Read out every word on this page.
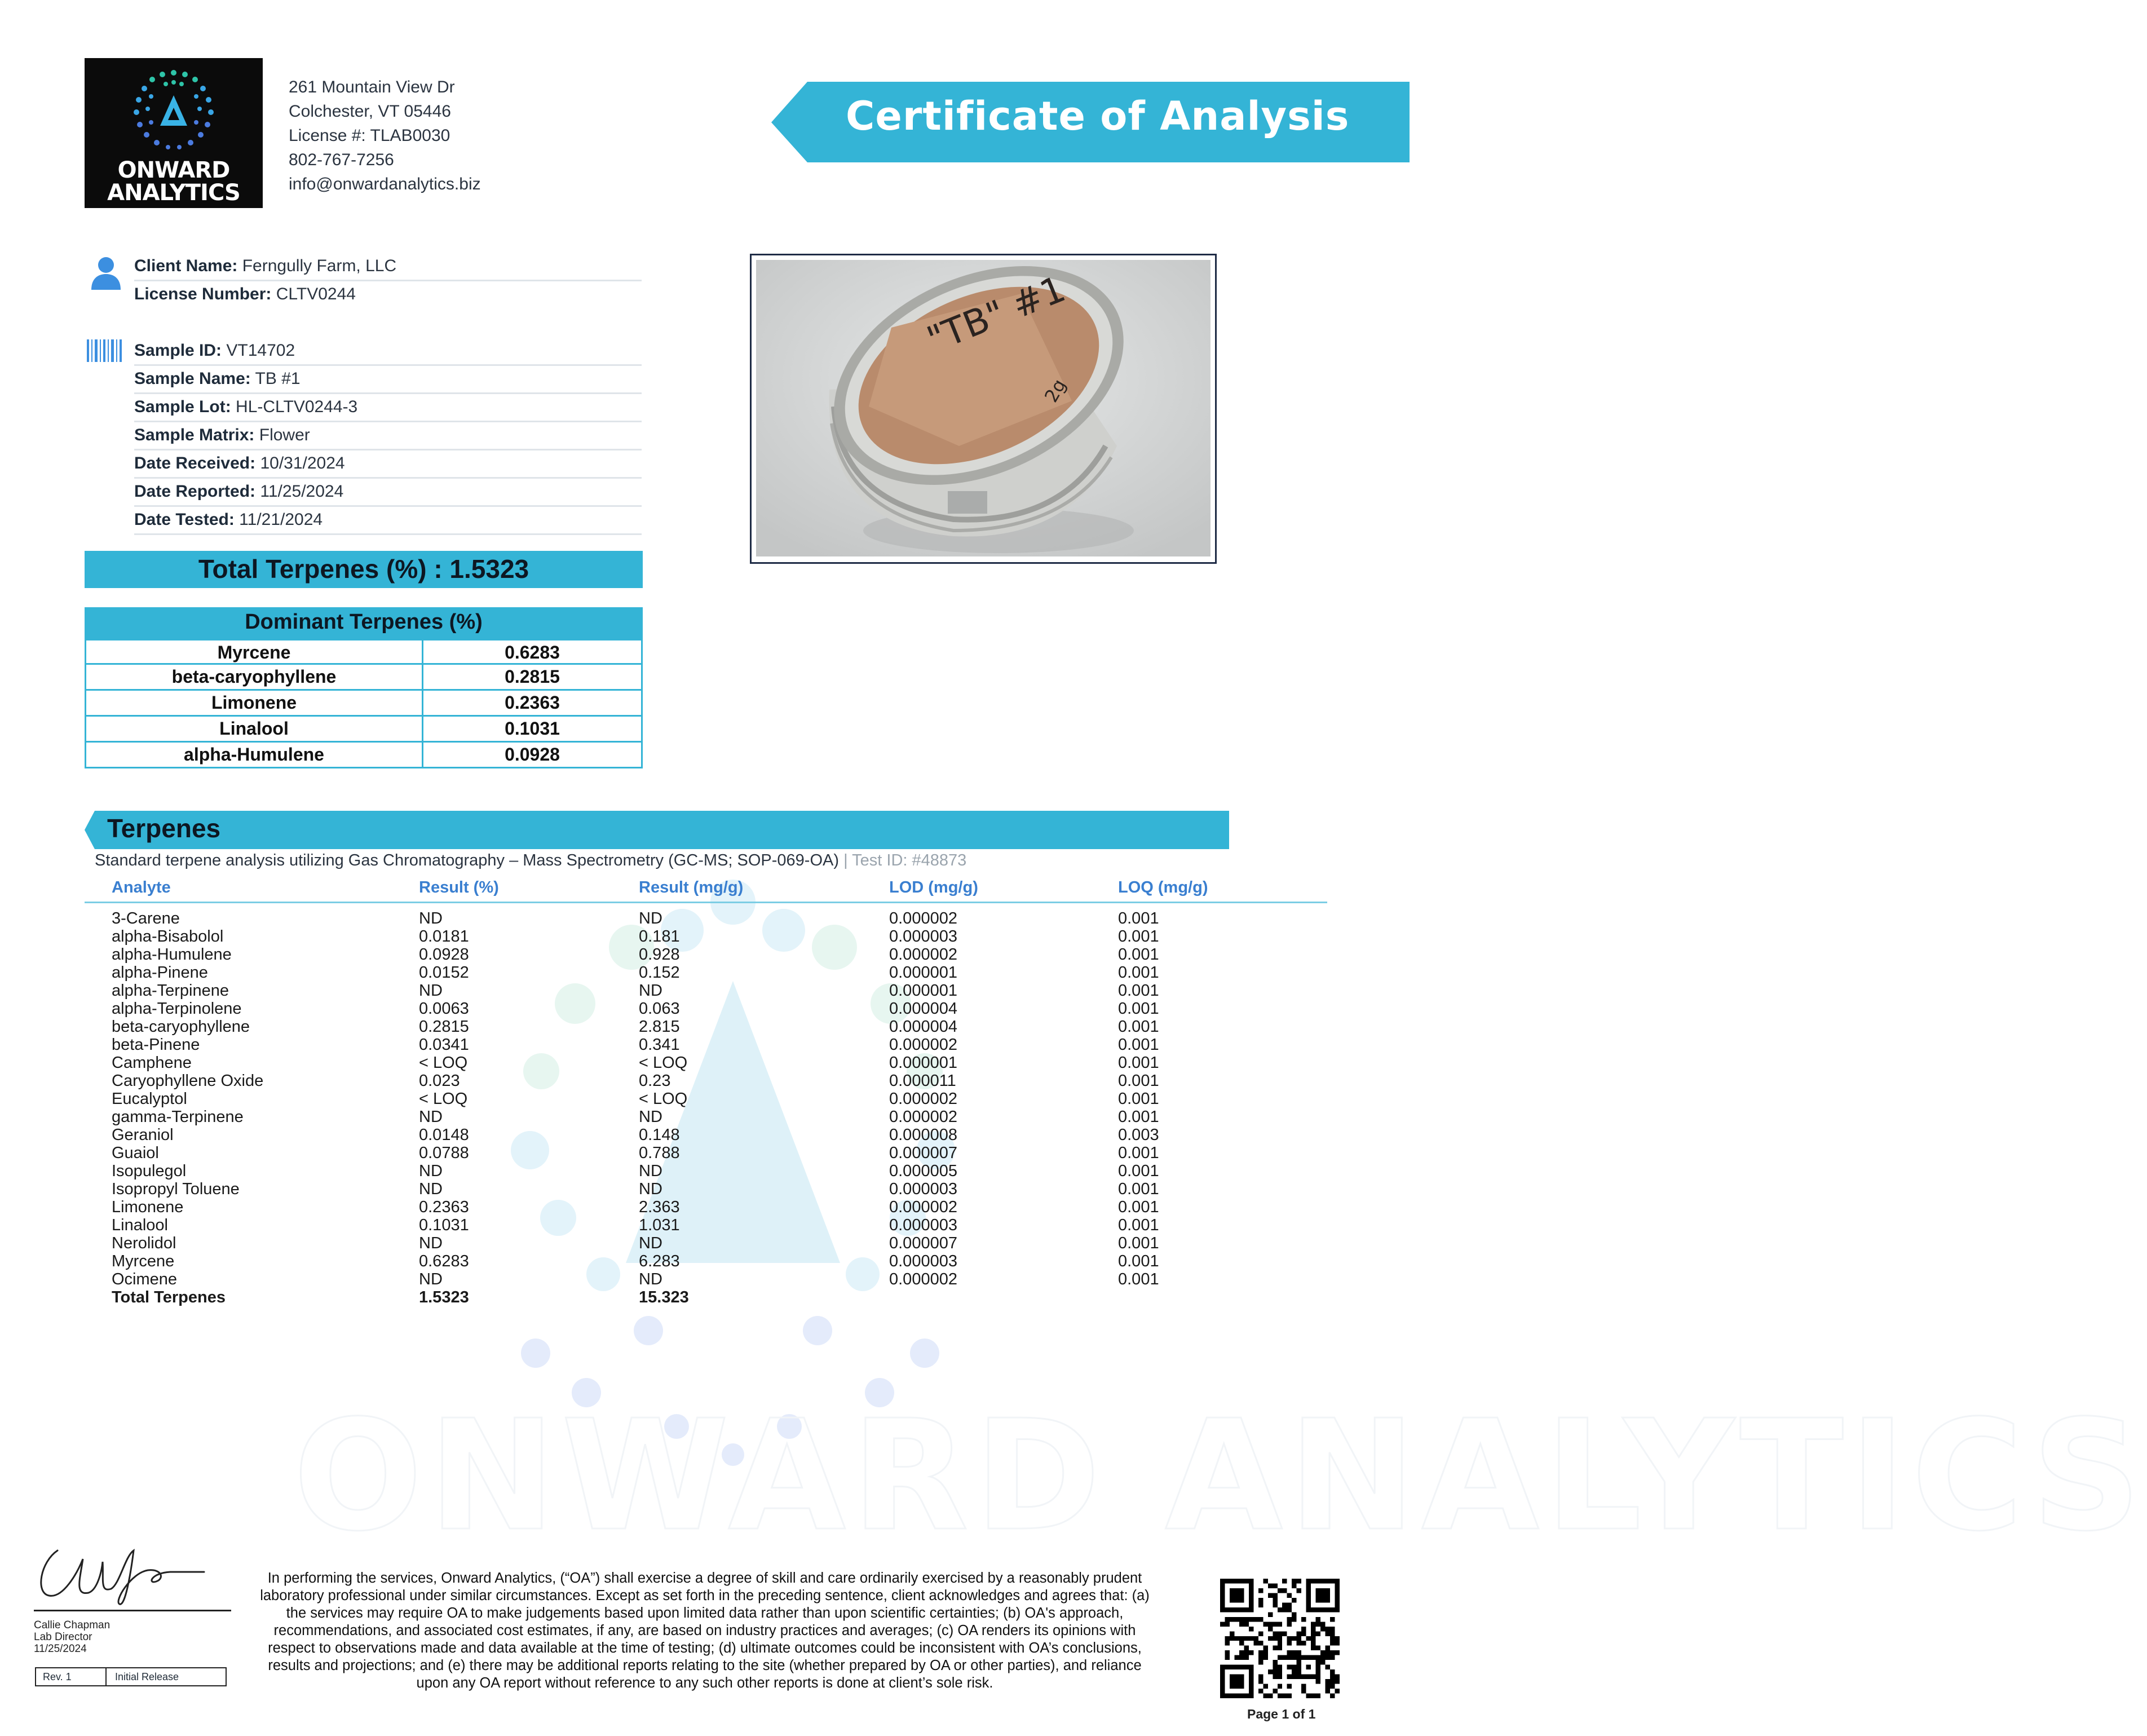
ONWARD ANALYTICS
ONWARD
ANALYTICS
261 Mountain View Dr
Colchester, VT 05446
License #: TLAB0030
802-767-7256
info@onwardanalytics.biz
Certificate of Analysis
Client Name: Ferngully Farm, LLC
License Number: CLTV0244
Sample ID: VT14702
Sample Name: TB #1
Sample Lot: HL-CLTV0244-3
Sample Matrix: Flower
Date Received: 10/31/2024
Date Reported: 11/25/2024
Date Tested: 11/21/2024
"TB" #1
2g
Total Terpenes (%) : 1.5323
Dominant Terpenes (%)
Myrcene	0.6283
beta-caryophyllene	0.2815
Limonene	0.2363
Linalool	0.1031
alpha-Humulene	0.0928
Terpenes
Standard terpene analysis utilizing Gas Chromatography – Mass Spectrometry (GC-MS; SOP-069-OA) | Test ID: #48873
Analyte	Result (%)	Result (mg/g)	LOD (mg/g)	LOQ (mg/g)
3-Carene	ND	ND	0.000002	0.001
alpha-Bisabolol	0.0181	0.181	0.000003	0.001
alpha-Humulene	0.0928	0.928	0.000002	0.001
alpha-Pinene	0.0152	0.152	0.000001	0.001
alpha-Terpinene	ND	ND	0.000001	0.001
alpha-Terpinolene	0.0063	0.063	0.000004	0.001
beta-caryophyllene	0.2815	2.815	0.000004	0.001
beta-Pinene	0.0341	0.341	0.000002	0.001
Camphene	< LOQ	< LOQ	0.000001	0.001
Caryophyllene Oxide	0.023	0.23	0.000011	0.001
Eucalyptol	< LOQ	< LOQ	0.000002	0.001
gamma-Terpinene	ND	ND	0.000002	0.001
Geraniol	0.0148	0.148	0.000008	0.003
Guaiol	0.0788	0.788	0.000007	0.001
Isopulegol	ND	ND	0.000005	0.001
Isopropyl Toluene	ND	ND	0.000003	0.001
Limonene	0.2363	2.363	0.000002	0.001
Linalool	0.1031	1.031	0.000003	0.001
Nerolidol	ND	ND	0.000007	0.001
Myrcene	0.6283	6.283	0.000003	0.001
Ocimene	ND	ND	0.000002	0.001
Total Terpenes	1.5323	15.323
Callie Chapman
Lab Director
11/25/2024
Rev. 1	Initial Release
In performing the services, Onward Analytics, (“OA”) shall exercise a degree of skill and care ordinarily exercised by a reasonably prudent laboratory professional under similar circumstances. Except as set forth in the preceding sentence, client acknowledges and agrees that: (a) the services may require OA to make judgements based upon limited data rather than upon scientific certainties; (b) OA's approach, recommendations, and associated cost estimates, if any, are based on industry practices and averages; (c) OA renders its opinions with respect to observations made and data available at the time of testing; (d) ultimate outcomes could be inconsistent with OA’s conclusions, results and projections; and (e) there may be additional reports relating to the site (whether prepared by OA or other parties), and reliance upon any OA report without reference to any such other reports is done at client’s sole risk.
Page 1 of 1
